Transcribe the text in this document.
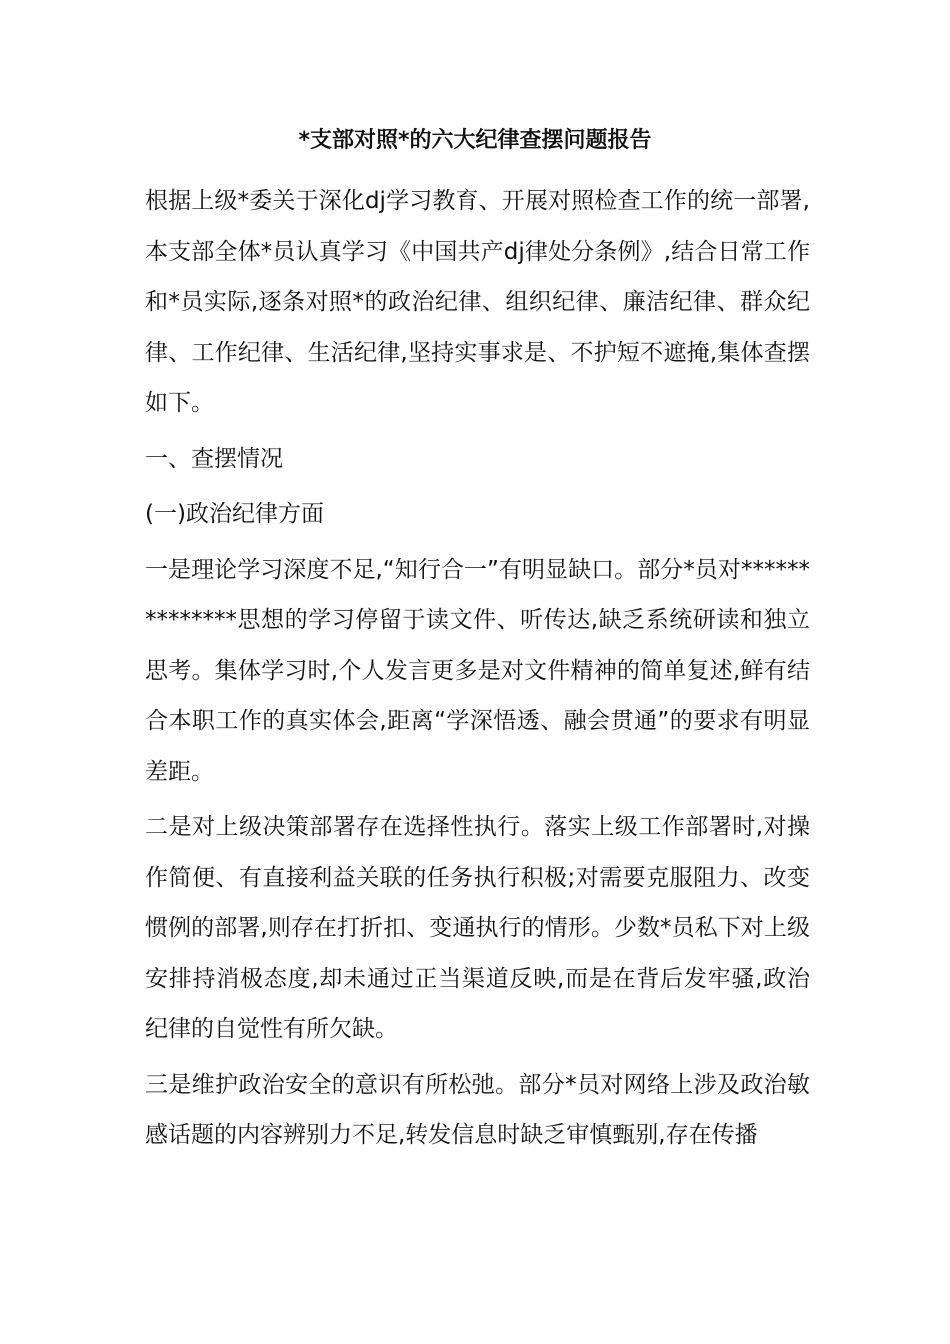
*支部对照*的六大纪律查摆问题报告

根据上级*委关于深化dj学习教育、开展对照检查工作的统一部署,本支部全体*员认真学习《中国共产dj律处分条例》,结合日常工作和*员实际,逐条对照*的政治纪律、组织纪律、廉洁纪律、群众纪律、工作纪律、生活纪律,坚持实事求是、不护短不遮掩,集体查摆如下。

一、查摆情况

(一)政治纪律方面

一是理论学习深度不足,“知行合一”有明显缺口。部分*员对**************思想的学习停留于读文件、听传达,缺乏系统研读和独立思考。集体学习时,个人发言更多是对文件精神的简单复述,鲜有结合本职工作的真实体会,距离“学深悟透、融会贯通”的要求有明显差距。

二是对上级决策部署存在选择性执行。落实上级工作部署时,对操作简便、有直接利益关联的任务执行积极;对需要克服阻力、改变惯例的部署,则存在打折扣、变通执行的情形。少数*员私下对上级安排持消极态度,却未通过正当渠道反映,而是在背后发牢骚,政治纪律的自觉性有所欠缺。

三是维护政治安全的意识有所松弛。部分*员对网络上涉及政治敏感话题的内容辨别力不足,转发信息时缺乏审慎甄别,存在传播
